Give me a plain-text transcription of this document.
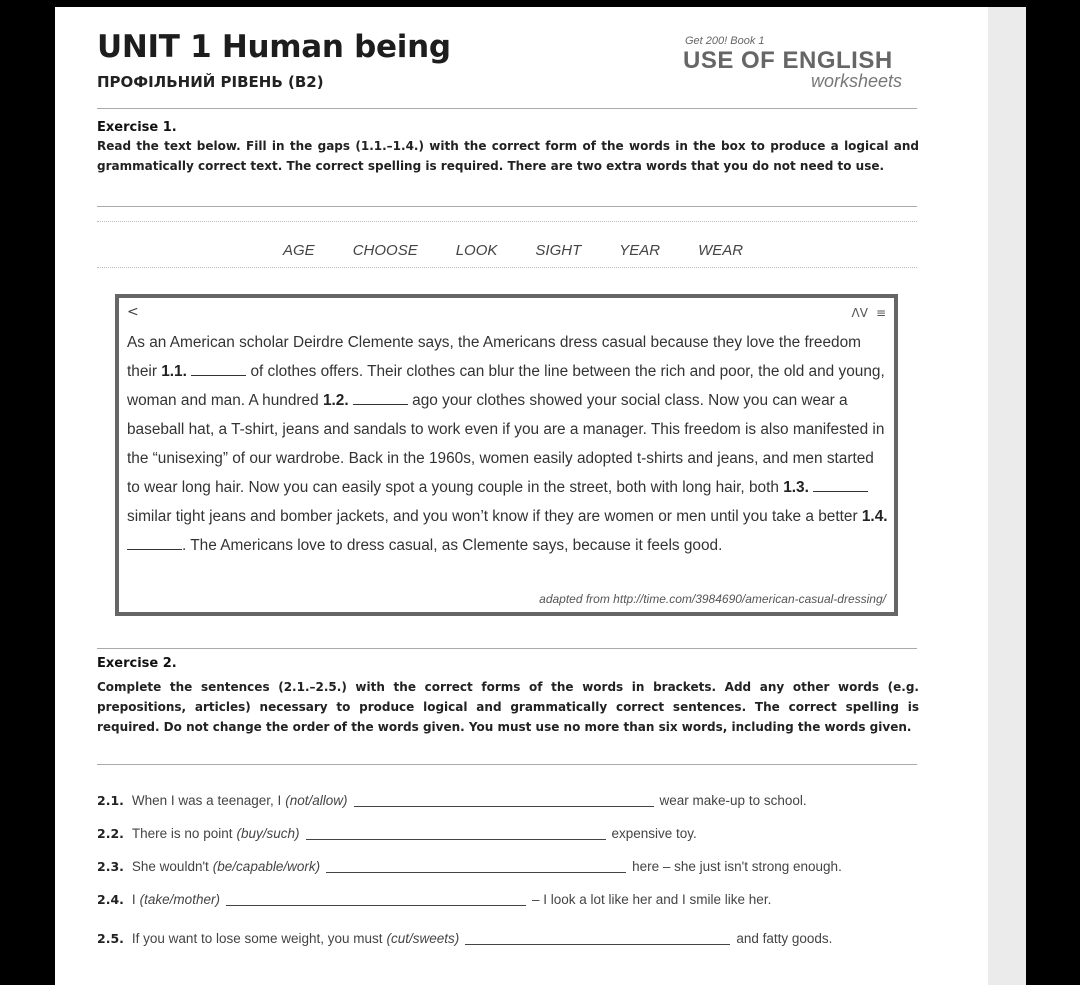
UNIT 1 Human being
ПРОФІЛЬНИЙ РІВЕНЬ (B2)
Get 200! Book 1
USE OF ENGLISH
worksheets
Exercise 1.
Read the text below. Fill in the gaps (1.1.–1.4.) with the correct form of the words in the box to produce a logical and grammatically correct text. The correct spelling is required. There are two extra words that you do not need to use.
AGE	CHOOSE	LOOK	SIGHT	YEAR	WEAR
<	ΛV ≡
As an American scholar Deirdre Clemente says, the Americans dress casual because they love the freedom their 1.1.	of clothes offers. Their clothes can blur the line between the rich and poor, the old and young, woman and man. A hundred 1.2.	ago your clothes showed your social class. Now you can wear a baseball hat, a T-shirt, jeans and sandals to work even if you are a manager. This freedom is also manifested in the “unisexing” of our wardrobe. Back in the 1960s, women easily adopted t-shirts and jeans, and men started to wear long hair. Now you can easily spot a young couple in the street, both with long hair, both 1.3.  similar tight jeans and bomber jackets, and you won’t know if they are women or men until you take a better 1.4. . The Americans love to dress casual, as Clemente says, because it feels good.
adapted from http://time.com/3984690/american-casual-dressing/
Exercise 2.
Complete the sentences (2.1.–2.5.) with the correct forms of the words in brackets. Add any other words (e.g. prepositions, articles) necessary to produce logical and grammatically correct sentences. The correct spelling is required. Do not change the order of the words given. You must use no more than six words, including the words given.
2.1. When I was a teenager, I (not/allow)	wear make-up to school.
2.2. There is no point (buy/such)	expensive toy.
2.3. She wouldn't (be/capable/work)	here – she just isn't strong enough.
2.4. I (take/mother)	– I look a lot like her and I smile like her.
2.5. If you want to lose some weight, you must (cut/sweets)	and fatty goods.
